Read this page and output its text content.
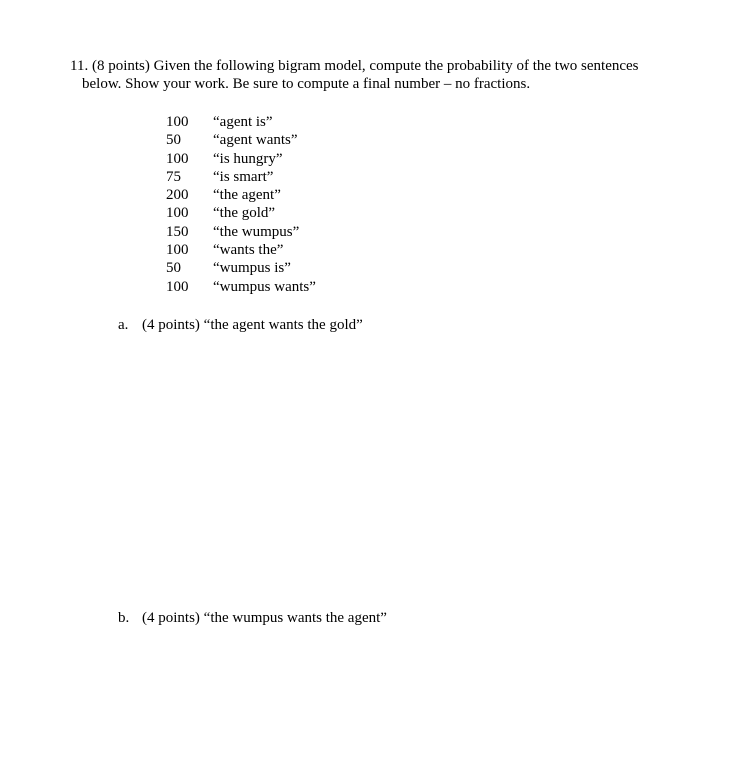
11. (8 points) Given the following bigram model, compute the probability of the two sentences
below. Show your work. Be sure to compute a final number – no fractions.
100	“agent is”
50	“agent wants”
100	“is hungry”
75	“is smart”
200	“the agent”
100	“the gold”
150	“the wumpus”
100	“wants the”
50	“wumpus is”
100	“wumpus wants”
a. (4 points) “the agent wants the gold”
b. (4 points) “the wumpus wants the agent”
